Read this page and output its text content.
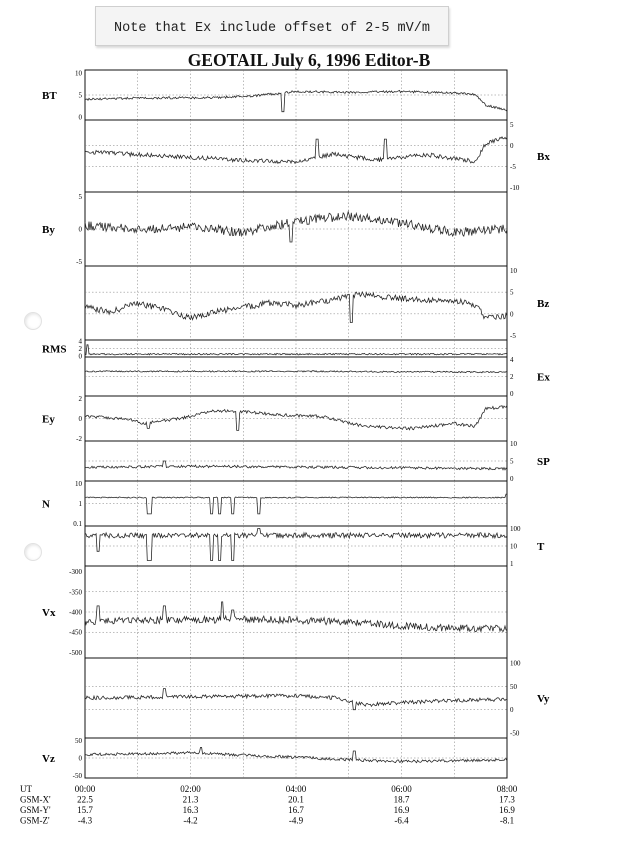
Note that Ex include offset of 2-5 mV/m
GEOTAIL July 6, 1996 Editor-B
10
5
0
BT
5
0
-5
-10
Bx
5
0
-5
By
10
5
0
-5
Bz
4
2
0
RMS
4
2
0
Ex
2
0
-2
Ey
10
5
0
SP
10
1
0.1
N
100
10
1
T
-300
-350
-400
-450
-500
Vx
100
50
0
-50
Vy
50
0
-50
Vz
00:00	02:00	04:00	06:00	08:00
UT
GSM-X'	22.5	21.3	20.1	18.7	17.3
GSM-Y'	15.7	16.3	16.7	16.9	16.9
GSM-Z'	-4.3	-4.2	-4.9	-6.4	-8.1
